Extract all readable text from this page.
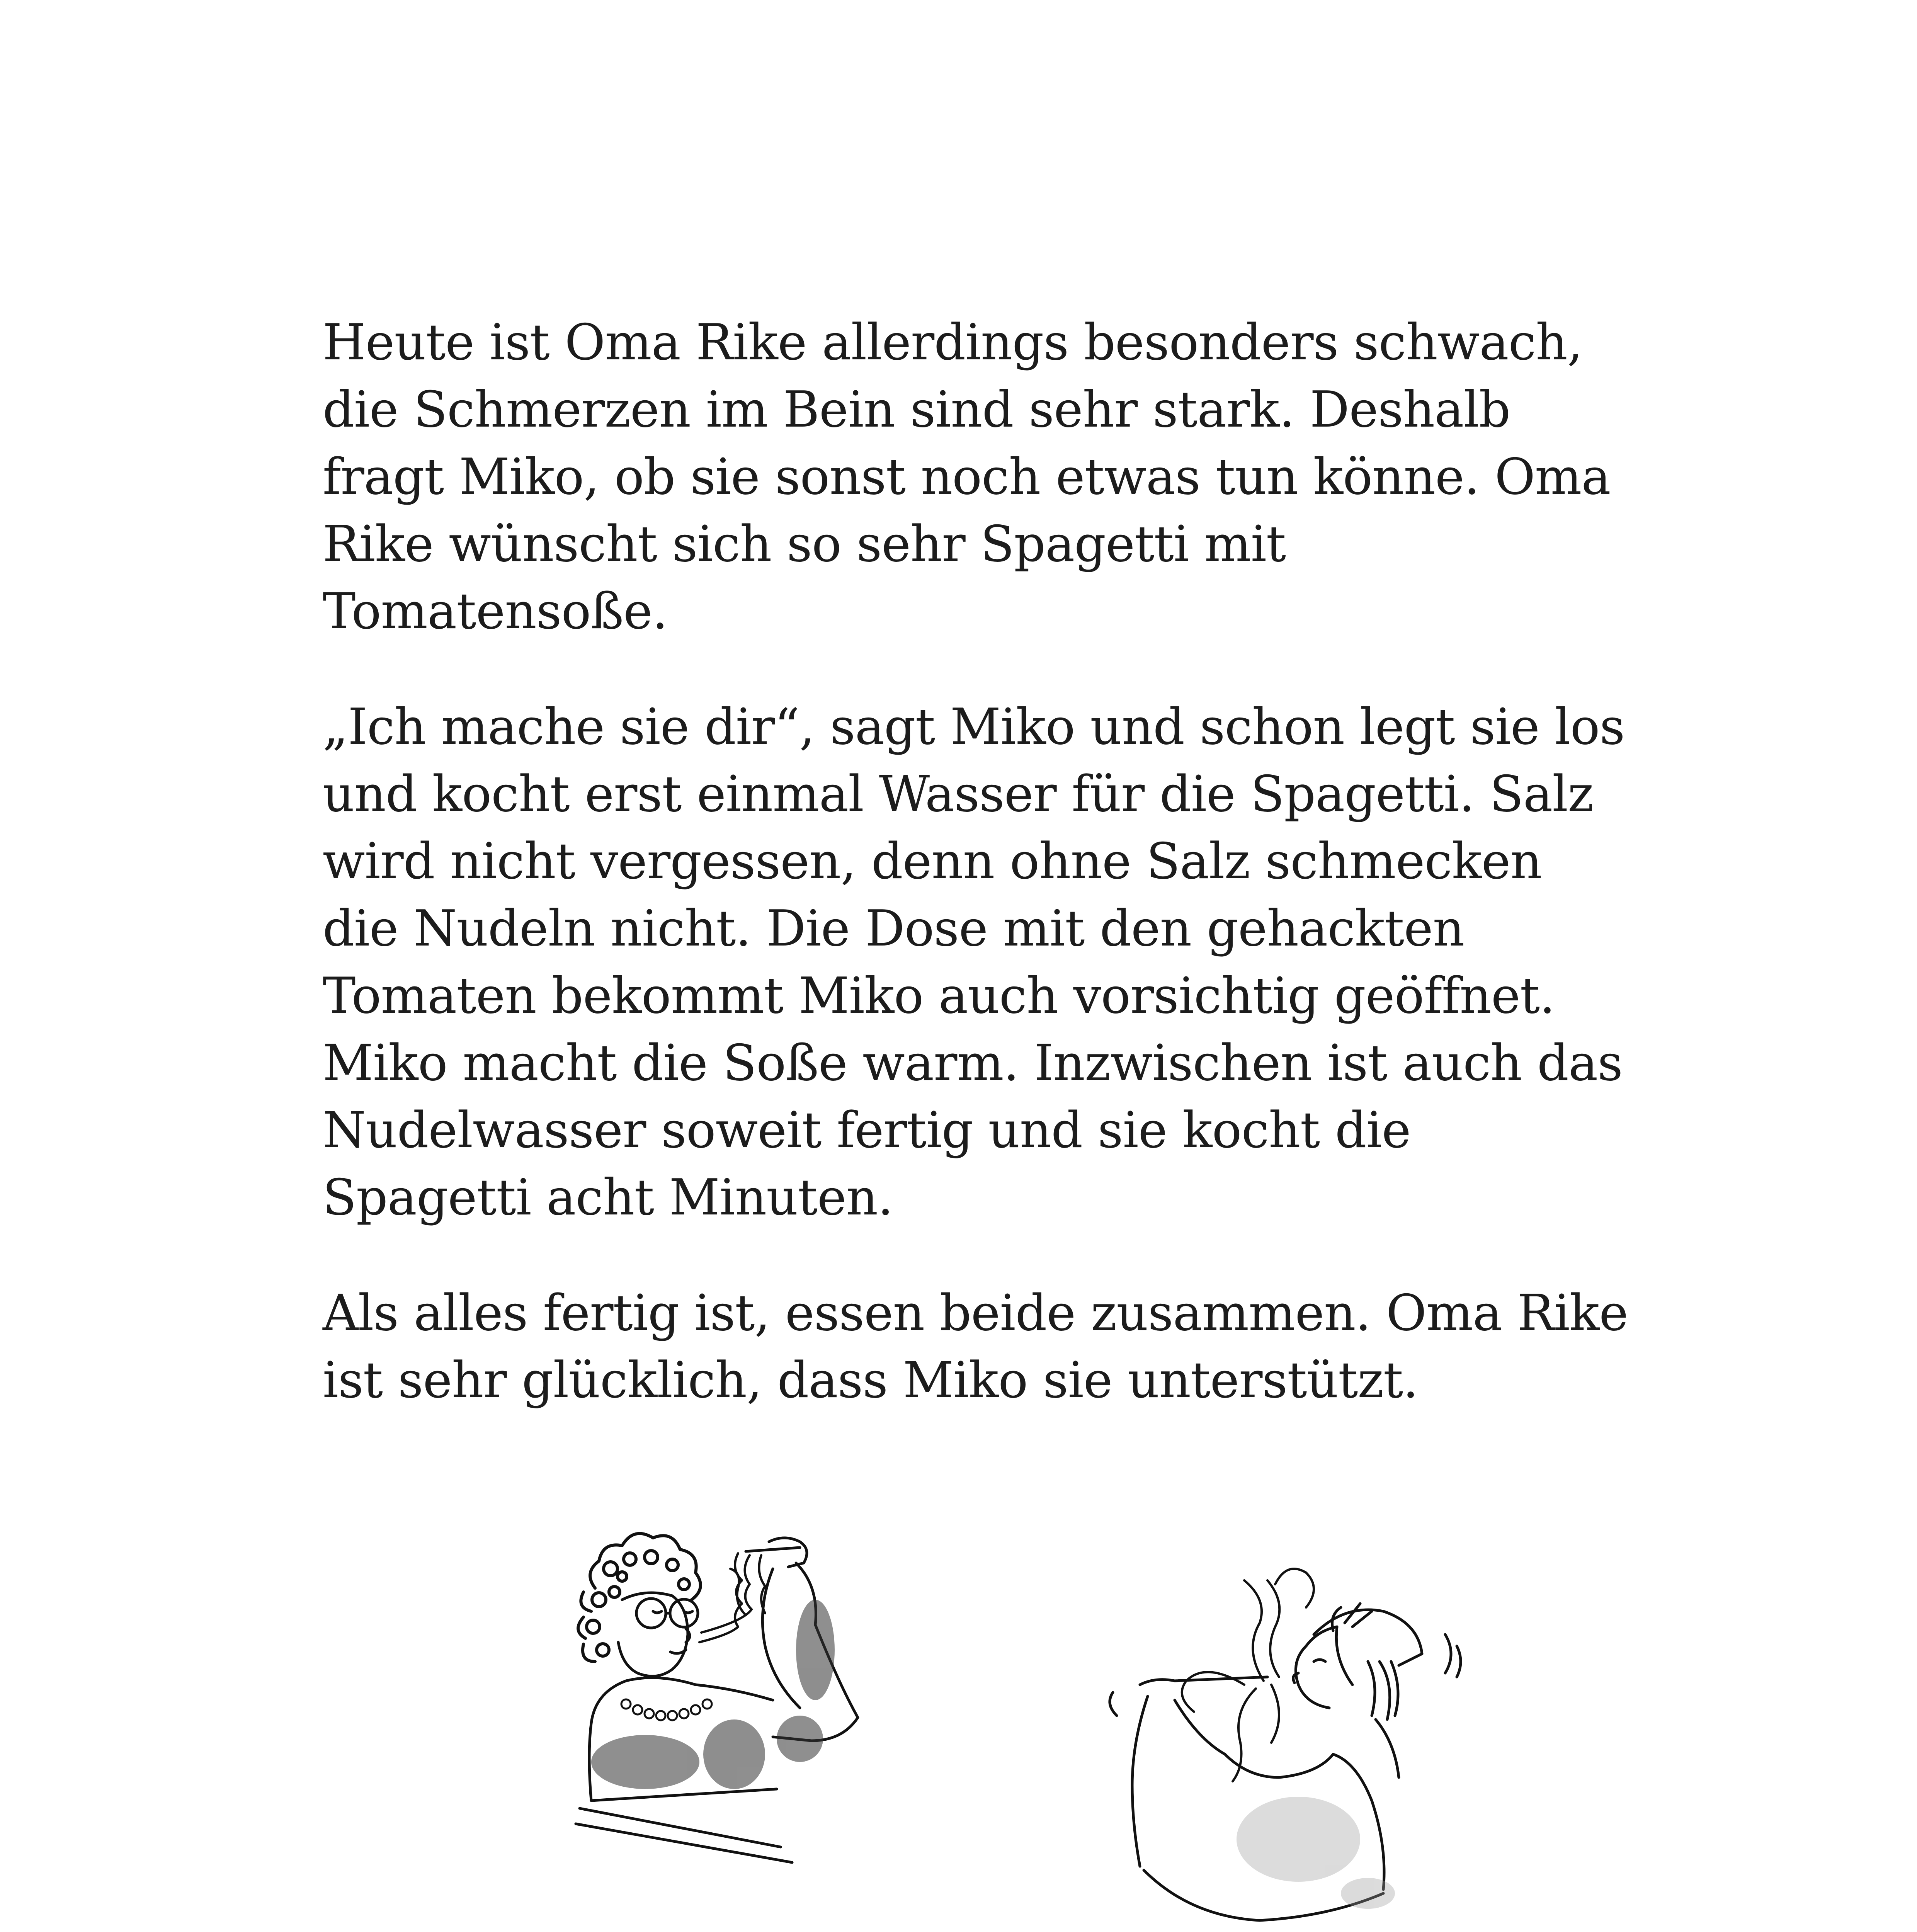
Heute ist Oma Rike allerdings besonders schwach, die Schmerzen im Bein sind sehr stark. Deshalb fragt Miko, ob sie sonst noch etwas tun könne. Oma Rike wünscht sich so sehr Spagetti mit Tomatensoße.

„Ich mache sie dir“, sagt Miko und schon legt sie los und kocht erst einmal Wasser für die Spagetti. Salz wird nicht vergessen, denn ohne Salz schmecken die Nudeln nicht. Die Dose mit den gehackten Tomaten bekommt Miko auch vorsichtig geöffnet. Miko macht die Soße warm. Inzwischen ist auch das Nudelwasser soweit fertig und sie kocht die Spagetti acht Minuten.

Als alles fertig ist, essen beide zusammen. Oma Rike ist sehr glücklich, dass Miko sie unterstützt.
